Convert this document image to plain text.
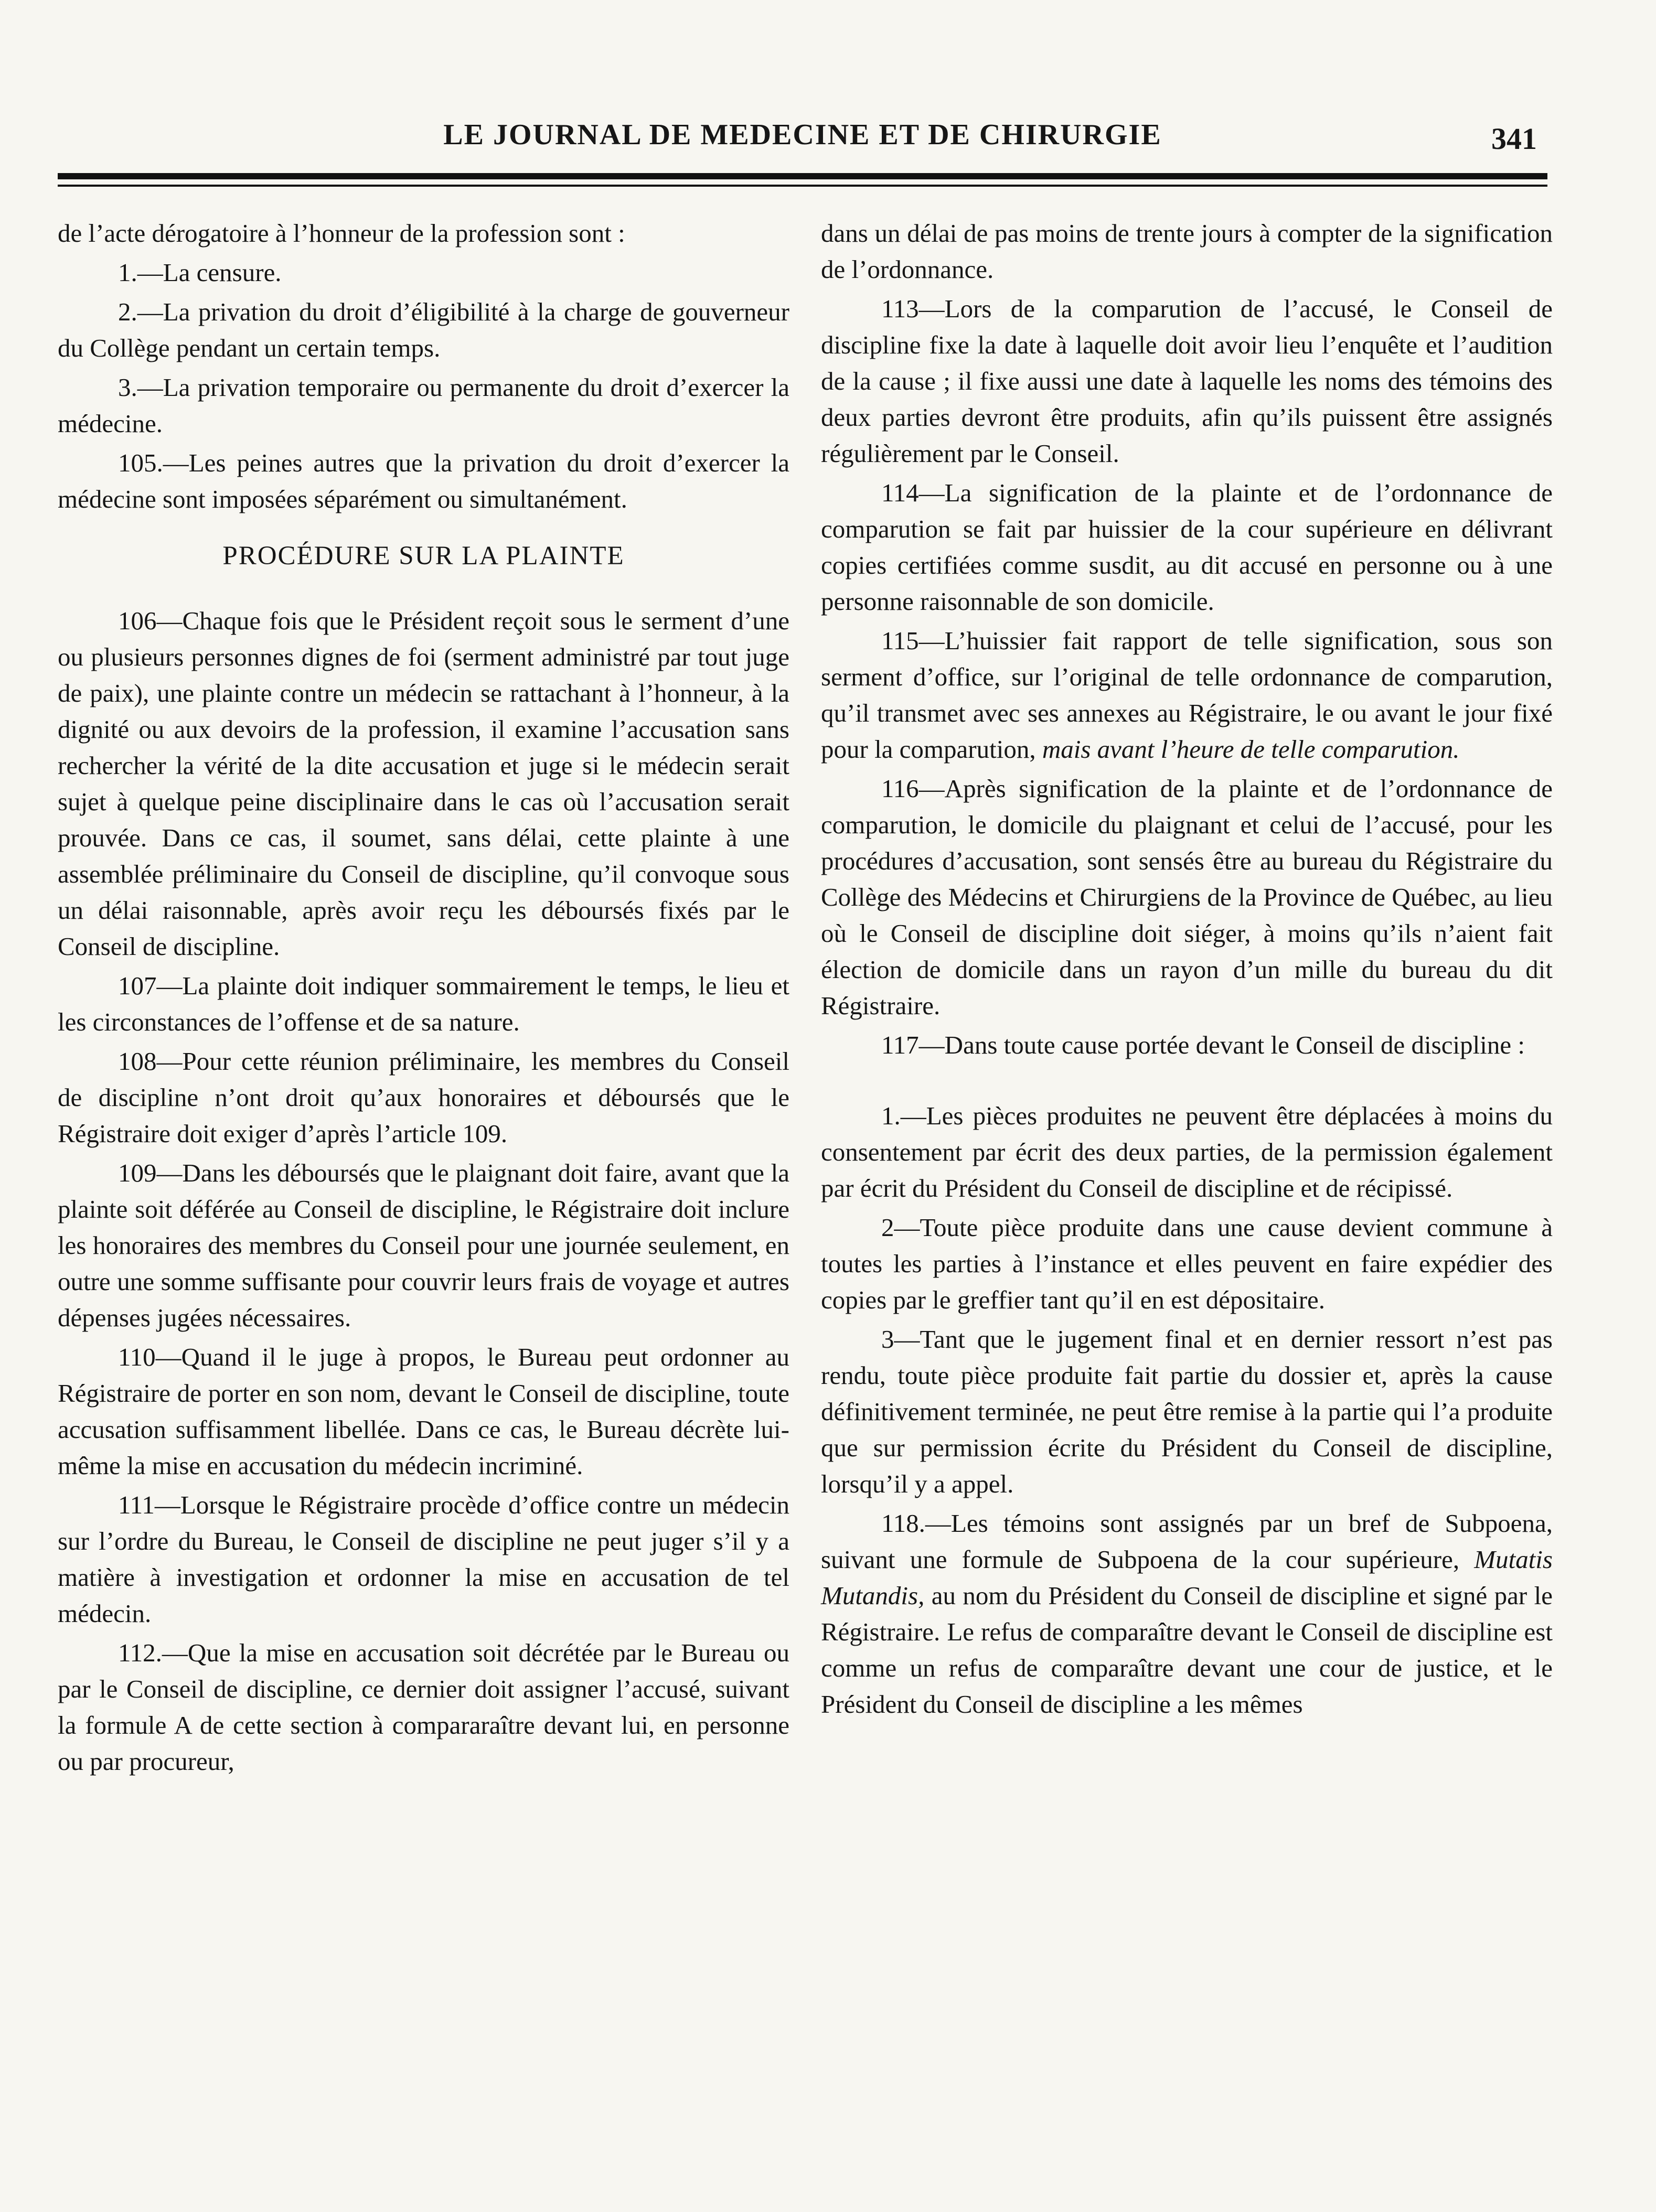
LE JOURNAL DE MEDECINE ET DE CHIRURGIE	341

de l’acte dérogatoire à l’honneur de la profession sont :

1.—La censure.

2.—La privation du droit d’éligibilité à la charge de gouverneur du Collège pendant un certain temps.

3.—La privation temporaire ou permanente du droit d’exercer la médecine.

105.—Les peines autres que la privation du droit d’exercer la médecine sont imposées séparément ou simultanément.

PROCÉDURE SUR LA PLAINTE

106—Chaque fois que le Président reçoit sous le serment d’une ou plusieurs personnes dignes de foi (serment administré par tout juge de paix), une plainte contre un médecin se rattachant à l’honneur, à la dignité ou aux devoirs de la profession, il examine l’accusation sans rechercher la vérité de la dite accusation et juge si le médecin serait sujet à quelque peine disciplinaire dans le cas où l’accusation serait prouvée. Dans ce cas, il soumet, sans délai, cette plainte à une assemblée préliminaire du Conseil de discipline, qu’il convoque sous un délai raisonnable, après avoir reçu les déboursés fixés par le Conseil de discipline.

107—La plainte doit indiquer sommairement le temps, le lieu et les circonstances de l’offense et de sa nature.

108—Pour cette réunion préliminaire, les membres du Conseil de discipline n’ont droit qu’aux honoraires et déboursés que le Régistraire doit exiger d’après l’article 109.

109—Dans les déboursés que le plaignant doit faire, avant que la plainte soit déférée au Conseil de discipline, le Régistraire doit inclure les honoraires des membres du Conseil pour une journée seulement, en outre une somme suffisante pour couvrir leurs frais de voyage et autres dépenses jugées nécessaires.

110—Quand il le juge à propos, le Bureau peut ordonner au Régistraire de porter en son nom, devant le Conseil de discipline, toute accusation suffisamment libellée. Dans ce cas, le Bureau décrète lui-même la mise en accusation du médecin incriminé.

111—Lorsque le Régistraire procède d’office contre un médecin sur l’ordre du Bureau, le Conseil de discipline ne peut juger s’il y a matière à investigation et ordonner la mise en accusation de tel médecin.

112.—Que la mise en accusation soit décrétée par le Bureau ou par le Conseil de discipline, ce dernier doit assigner l’accusé, suivant la formule A de cette section à compararaître devant lui, en personne ou par procureur,

dans un délai de pas moins de trente jours à compter de la signification de l’ordonnance.

113—Lors de la comparution de l’accusé, le Conseil de discipline fixe la date à laquelle doit avoir lieu l’enquête et l’audition de la cause ; il fixe aussi une date à laquelle les noms des témoins des deux parties devront être produits, afin qu’ils puissent être assignés régulièrement par le Conseil.

114—La signification de la plainte et de l’ordonnance de comparution se fait par huissier de la cour supérieure en délivrant copies certifiées comme susdit, au dit accusé en personne ou à une personne raisonnable de son domicile.

115—L’huissier fait rapport de telle signification, sous son serment d’office, sur l’original de telle ordonnance de comparution, qu’il transmet avec ses annexes au Régistraire, le ou avant le jour fixé pour la comparution, mais avant l’heure de telle comparution.

116—Après signification de la plainte et de l’ordonnance de comparution, le domicile du plaignant et celui de l’accusé, pour les procédures d’accusation, sont sensés être au bureau du Régistraire du Collège des Médecins et Chirurgiens de la Province de Québec, au lieu où le Conseil de discipline doit siéger, à moins qu’ils n’aient fait élection de domicile dans un rayon d’un mille du bureau du dit Régistraire.

117—Dans toute cause portée devant le Conseil de discipline :

1.—Les pièces produites ne peuvent être déplacées à moins du consentement par écrit des deux parties, de la permission également par écrit du Président du Conseil de discipline et de récipissé.

2—Toute pièce produite dans une cause devient commune à toutes les parties à l’instance et elles peuvent en faire expédier des copies par le greffier tant qu’il en est dépositaire.

3—Tant que le jugement final et en dernier ressort n’est pas rendu, toute pièce produite fait partie du dossier et, après la cause définitivement terminée, ne peut être remise à la partie qui l’a produite que sur permission écrite du Président du Conseil de discipline, lorsqu’il y a appel.

118.—Les témoins sont assignés par un bref de Subpoena, suivant une formule de Subpoena de la cour supérieure, Mutatis Mutandis, au nom du Président du Conseil de discipline et signé par le Régistraire. Le refus de comparaître devant le Conseil de discipline est comme un refus de comparaître devant une cour de justice, et le Président du Conseil de discipline a les mêmes
